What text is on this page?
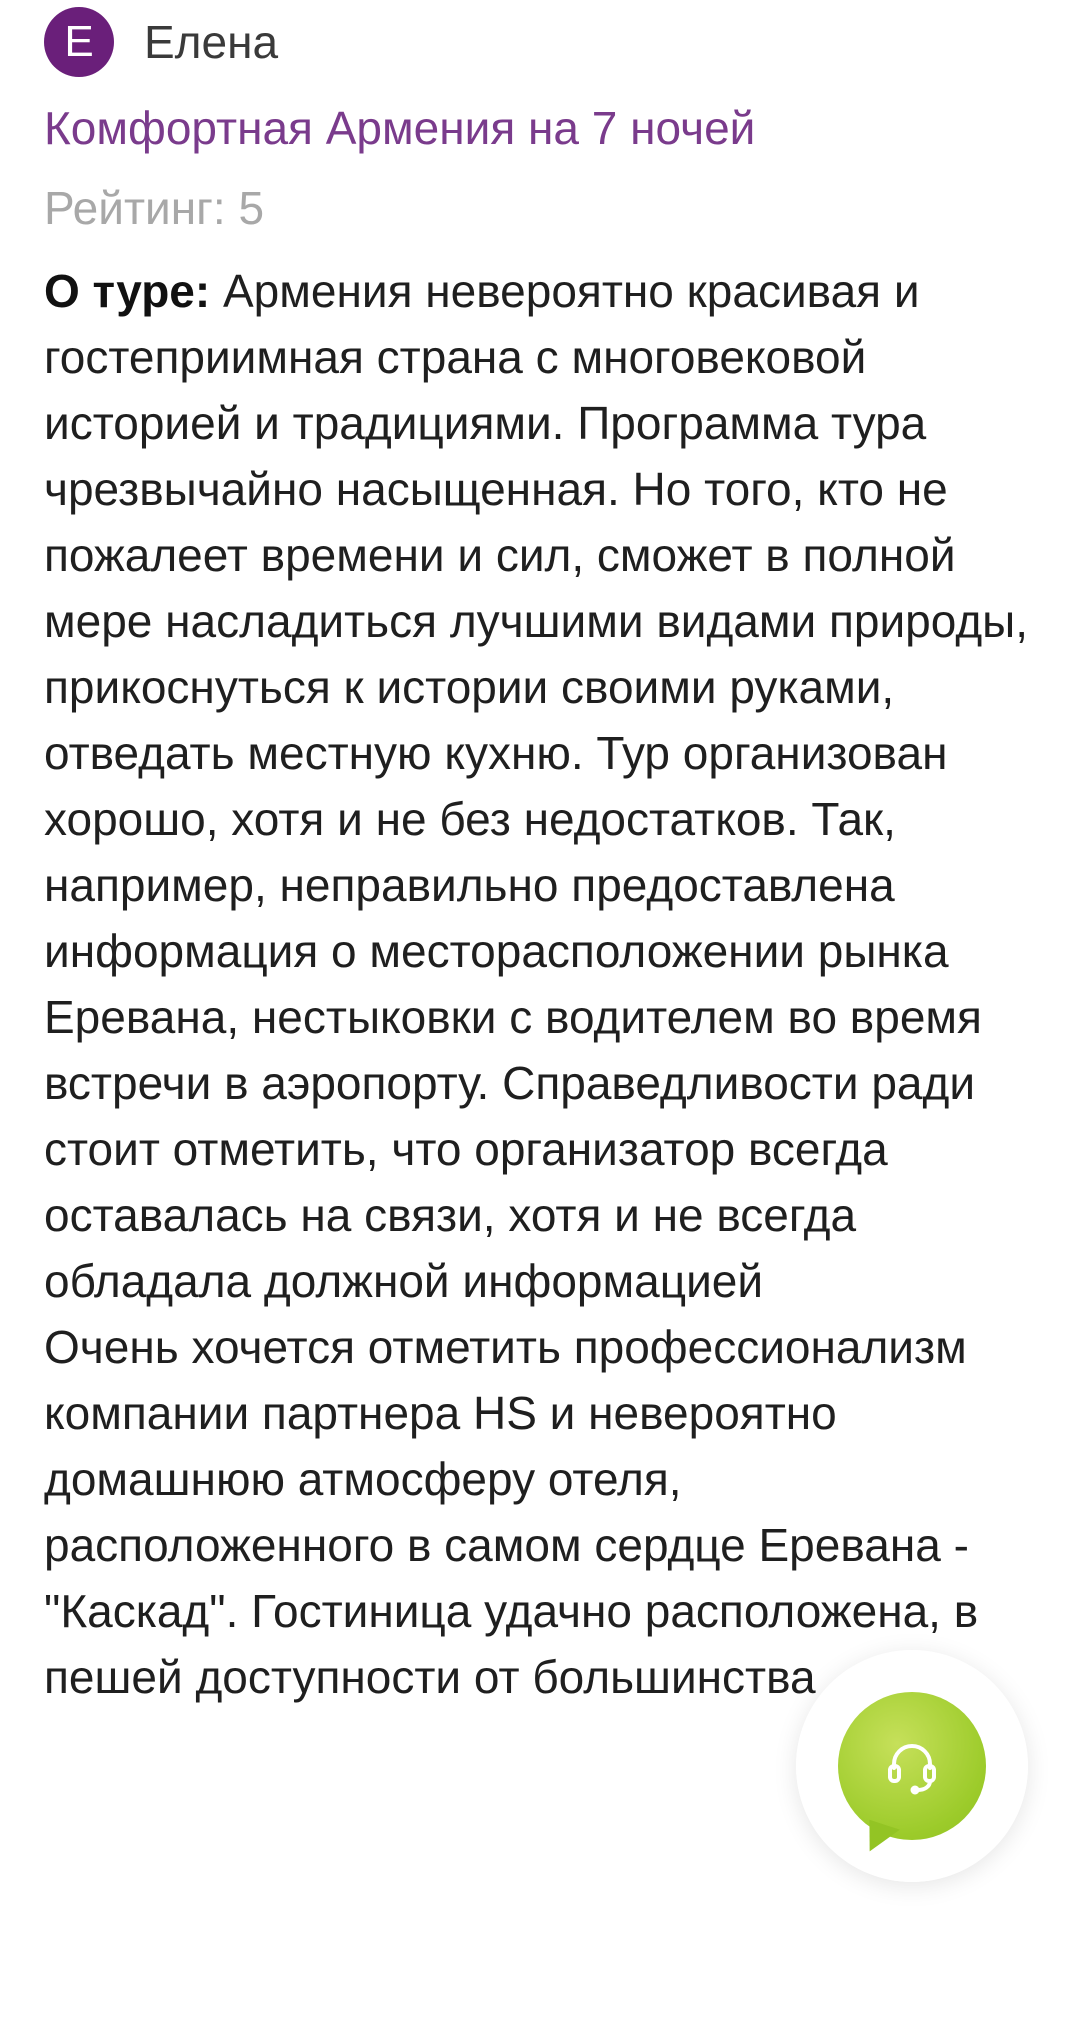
Е	Елена
Комфортная Армения на 7 ночей
Рейтинг: 5

О туре: Армения невероятно красивая и гостеприимная страна с многовековой историей и традициями. Программа тура чрезвычайно насыщенная. Но того, кто не пожалеет времени и сил, сможет в полной мере насладиться лучшими видами природы, прикоснуться к истории своими руками, отведать местную кухню. Тур организован хорошо, хотя и не без недостатков. Так, например, неправильно предоставлена информация о месторасположении рынка Еревана, нестыковки с водителем во время встречи в аэропорту. Справедливости ради стоит отметить, что организатор всегда оставалась на связи, хотя и не всегда обладала должной информацией

Очень хочется отметить профессионализм компании партнера HS и невероятно домашнюю атмосферу отеля, расположенного в самом сердце Еревана - "Каскад". Гостиница удачно расположена, в пешей доступности от большинства
